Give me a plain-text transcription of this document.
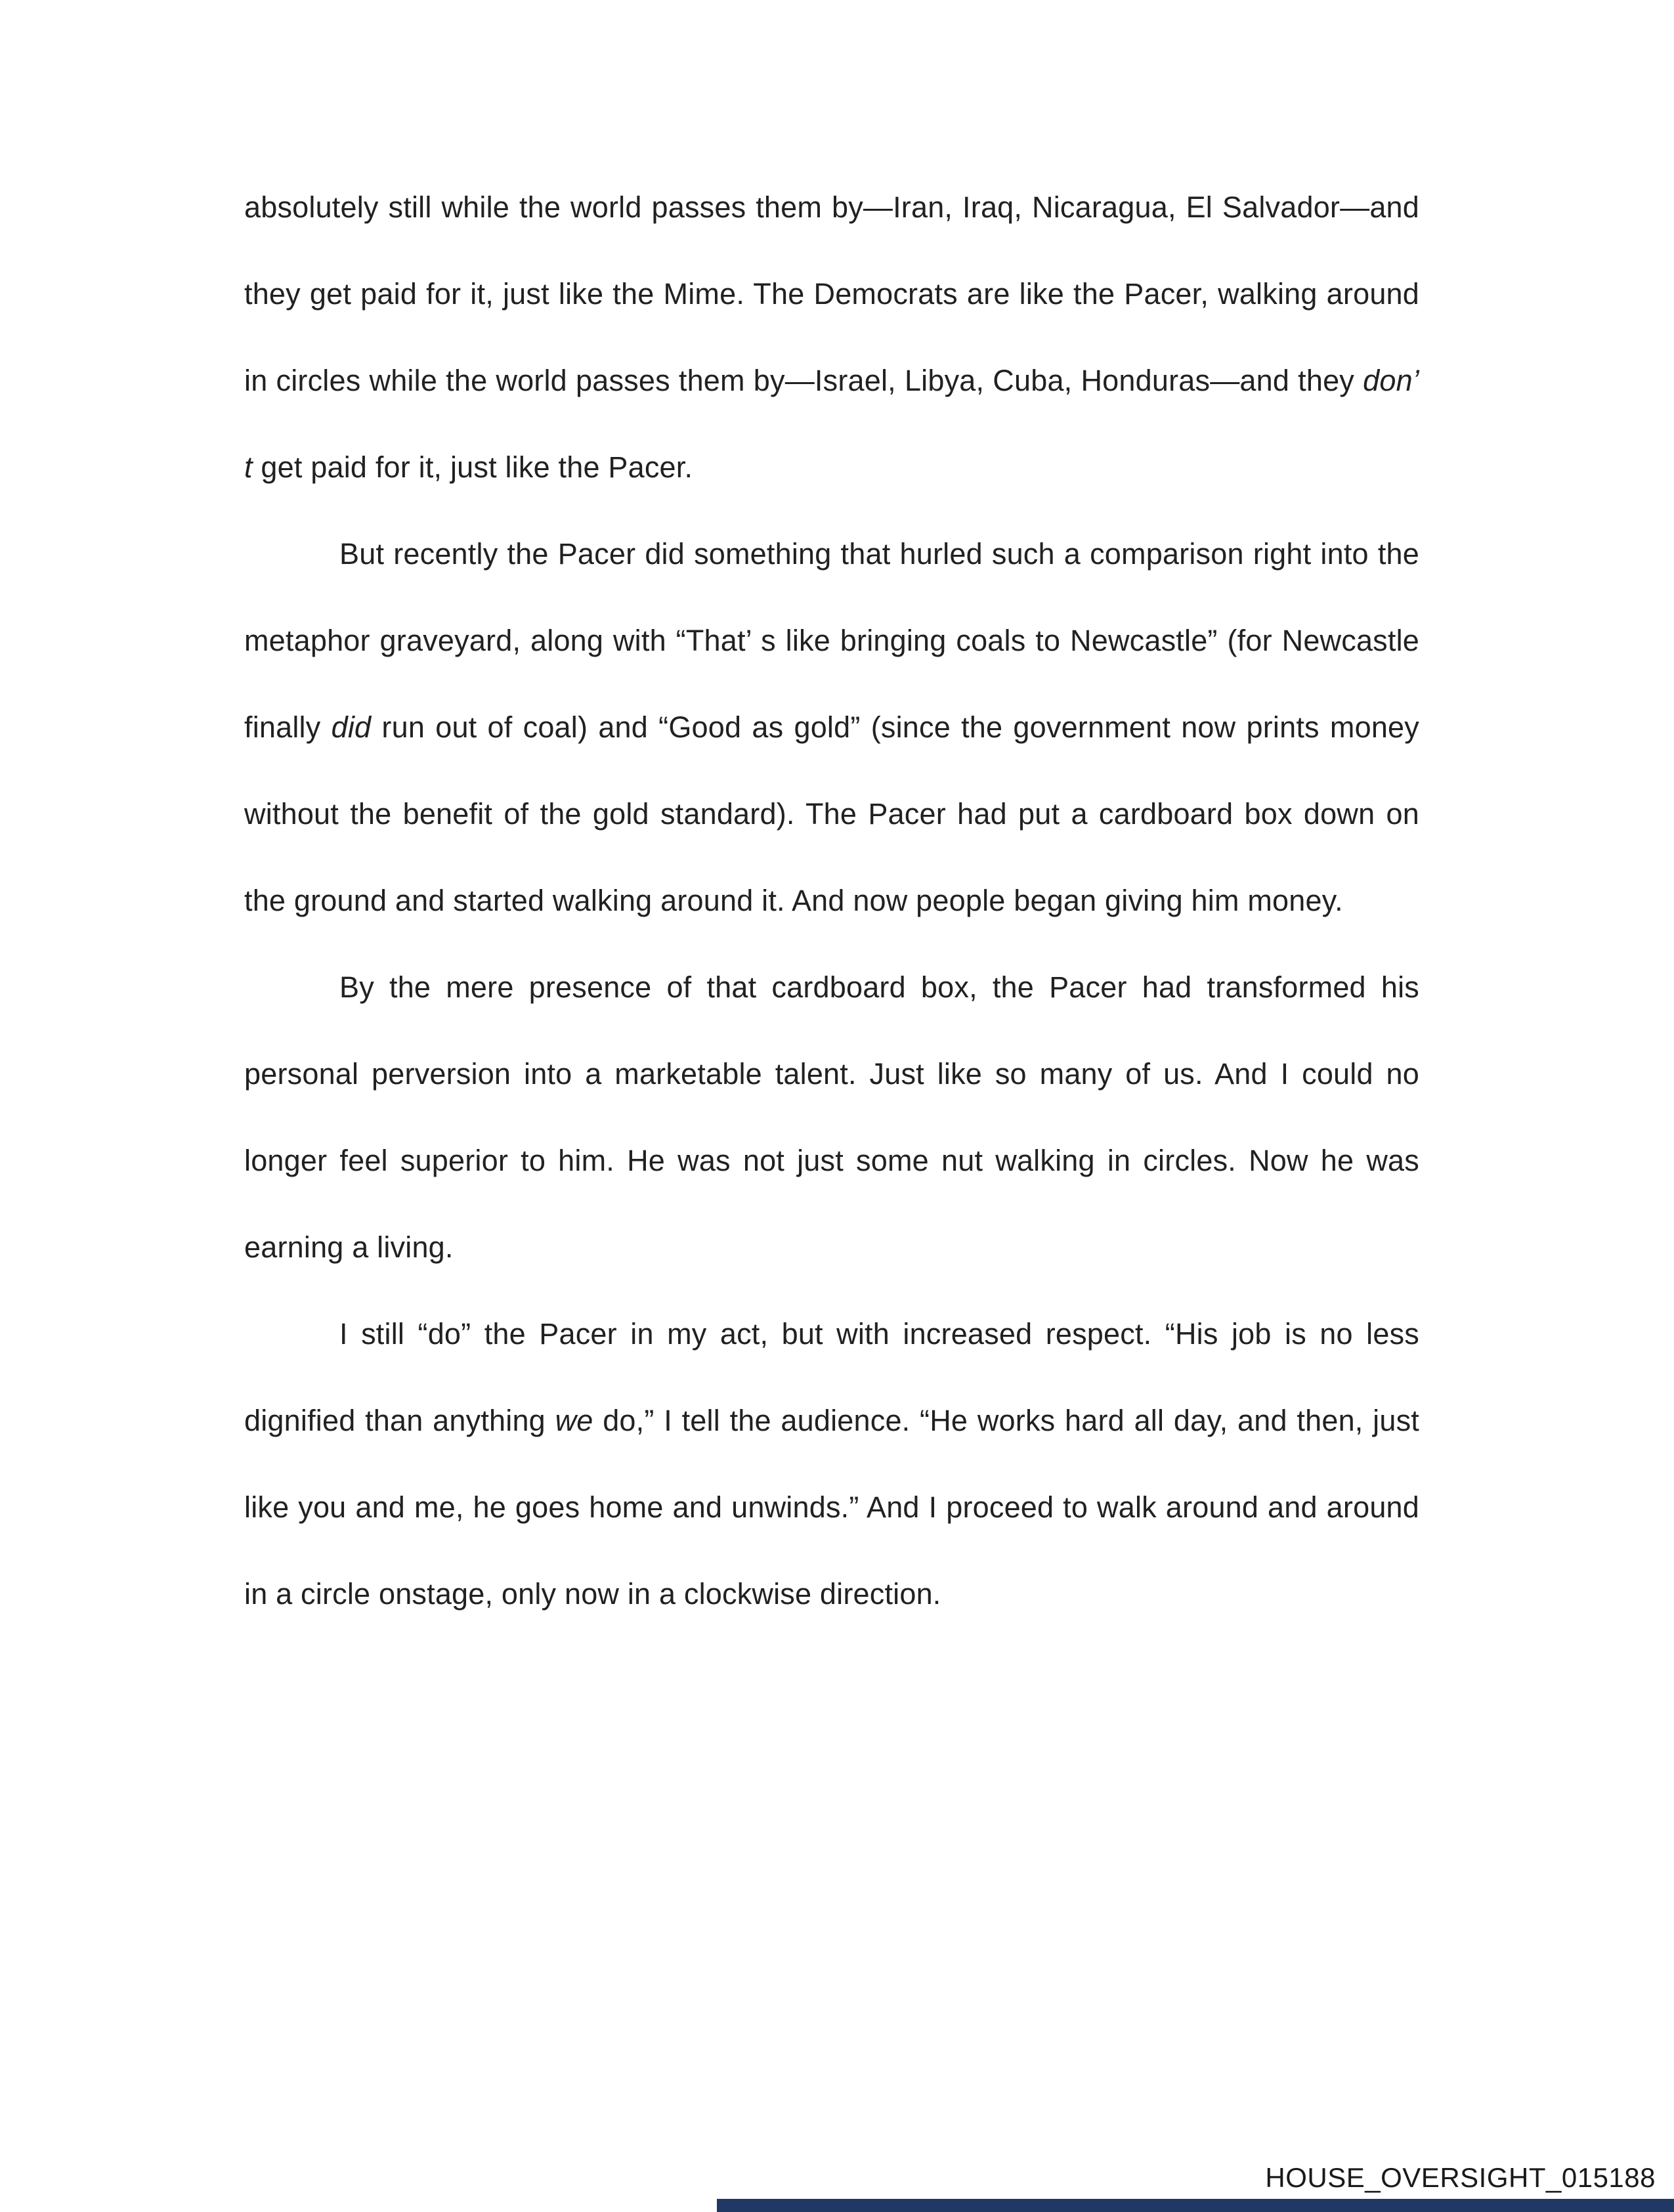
absolutely still while the world passes them by—Iran, Iraq, Nicaragua, El Salvador—and they get paid for it, just like the Mime. The Democrats are like the Pacer, walking around in circles while the world passes them by—Israel, Libya, Cuba, Honduras—and they don’ t get paid for it, just like the Pacer.

But recently the Pacer did something that hurled such a comparison right into the metaphor graveyard, along with “That’ s like bringing coals to Newcastle” (for Newcastle finally did run out of coal) and “Good as gold” (since the government now prints money without the benefit of the gold standard). The Pacer had put a cardboard box down on the ground and started walking around it. And now people began giving him money.

By the mere presence of that cardboard box, the Pacer had transformed his personal perversion into a marketable talent. Just like so many of us. And I could no longer feel superior to him. He was not just some nut walking in circles. Now he was earning a living.

I still “do” the Pacer in my act, but with increased respect. “His job is no less dignified than anything we do,” I tell the audience. “He works hard all day, and then, just like you and me, he goes home and unwinds.” And I proceed to walk around and around in a circle onstage, only now in a clockwise direction.

HOUSE_OVERSIGHT_015188
